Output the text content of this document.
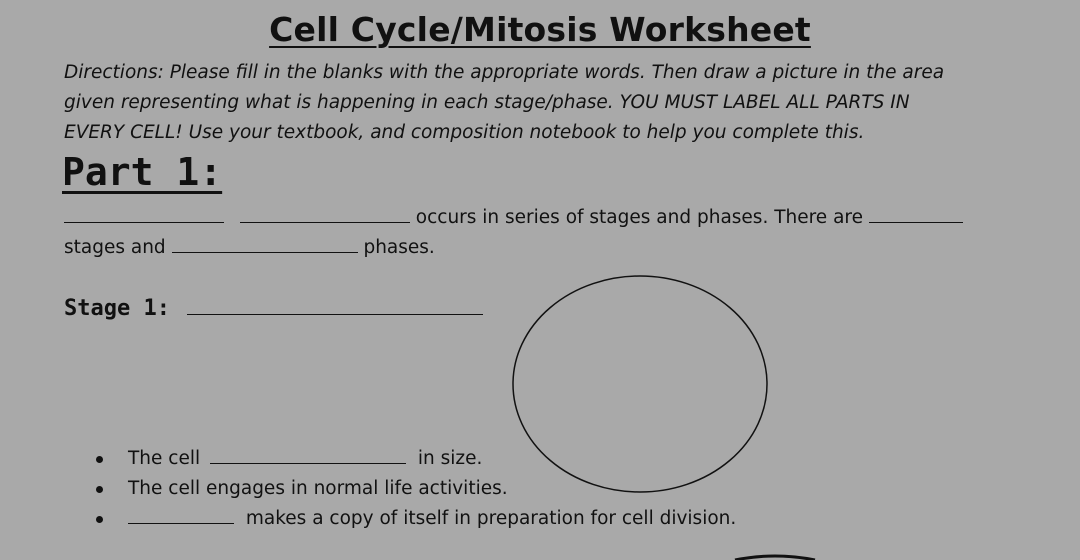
Cell Cycle/Mitosis Worksheet
Directions: Please fill in the blanks with the appropriate words. Then draw a picture in the area
given representing what is happening in each stage/phase. YOU MUST LABEL ALL PARTS IN
EVERY CELL! Use your textbook, and composition notebook to help you complete this.
Part 1:
occurs in series of stages and phases. There are
stages and	phases.
Stage 1:
The cell	in size.
The cell engages in normal life activities.
makes a copy of itself in preparation for cell division.
